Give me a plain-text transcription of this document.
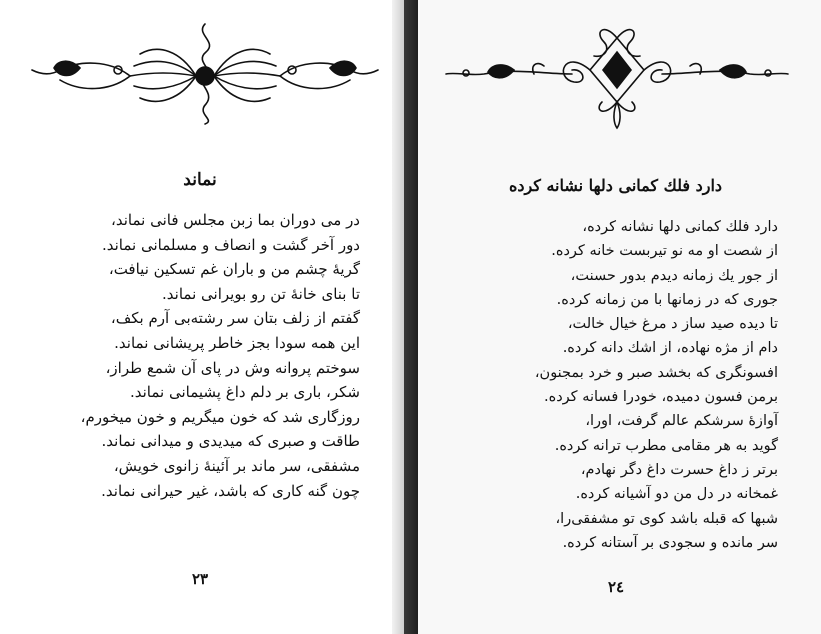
نماند
در می دوران بما زبن مجلس فانی نماند،
دور آخر گشت و انصاف و مسلمانی نماند.
گریهٔ چشم من و باران غم تسکین نیافت،
تا بنای خانهٔ تن رو بویرانی نماند.
گفتم از زلف بتان سر رشته‌بی آرم بکف،
این همه سودا بجز خاطر پریشانی نماند.
سوختم پروانه وش در پای آن شمع طراز،
شکر، باری بر دلم داغ پشیمانی نماند.
روزگاری شد که خون میگریم و خون میخورم،
طاقت و صبری که میدیدی و میدانی نماند.
مشفقی، سر ماند بر آئینهٔ زانوی خویش،
چون گنه کاری که باشد، غیر حیرانی نماند.
۲۳
دارد فلك كمانی دلها نشانه كرده
دارد فلك كمانی دلها نشانه كرده،
از شصت او مه نو تیربست خانه كرده.
از جور يك زمانه دیدم بدور حسنت،
جوری كه در زمانها با من زمانه كرده.
تا دیده صید ساز د مرغ خیال خالت،
دام از مژه نهاده، از اشك دانه كرده.
افسونگری كه بخشد صبر و خرد بمجنون،
برمن فسون دمیده، خودرا فسانه كرده.
آوازهٔ سرشكم عالم گرفت، اورا،
گوید به هر مقامی مطرب ترانه كرده.
برتر ز داغ حسرت داغ دگر نهادم،
غمخانه در دل من دو آشیانه كرده.
شبها كه قبله باشد كوی تو مشفقی‌را،
سر مانده و سجودی بر آستانه كرده.
۲٤
